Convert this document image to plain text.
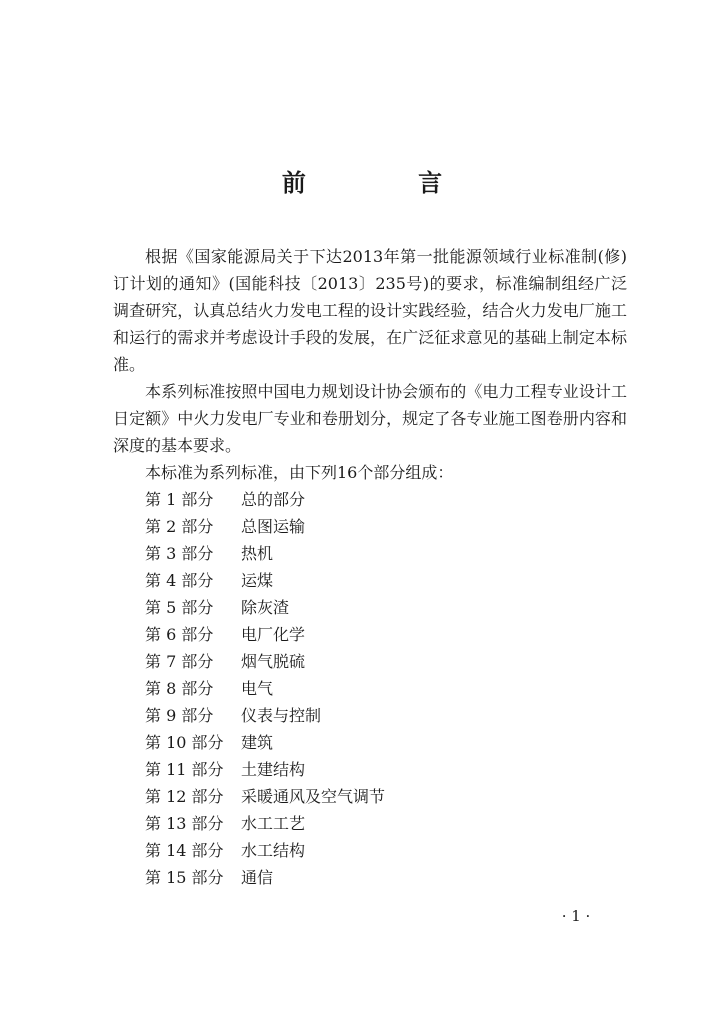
前 言

根据《国家能源局关于下达2013年第一批能源领域行业标准制(修)订计划的通知》(国能科技〔2013〕235号)的要求，标准编制组经广泛调查研究，认真总结火力发电工程的设计实践经验，结合火力发电厂施工和运行的需求并考虑设计手段的发展，在广泛征求意见的基础上制定本标准。

本系列标准按照中国电力规划设计协会颁布的《电力工程专业设计工日定额》中火力发电厂专业和卷册划分，规定了各专业施工图卷册内容和深度的基本要求。

本标准为系列标准，由下列16个部分组成：

第 1 部分	总的部分
第 2 部分	总图运输
第 3 部分	热机
第 4 部分	运煤
第 5 部分	除灰渣
第 6 部分	电厂化学
第 7 部分	烟气脱硫
第 8 部分	电气
第 9 部分	仪表与控制
第 10 部分	建筑
第 11 部分	土建结构
第 12 部分	采暖通风及空气调节
第 13 部分	水工工艺
第 14 部分	水工结构
第 15 部分	通信
· 1 ·
